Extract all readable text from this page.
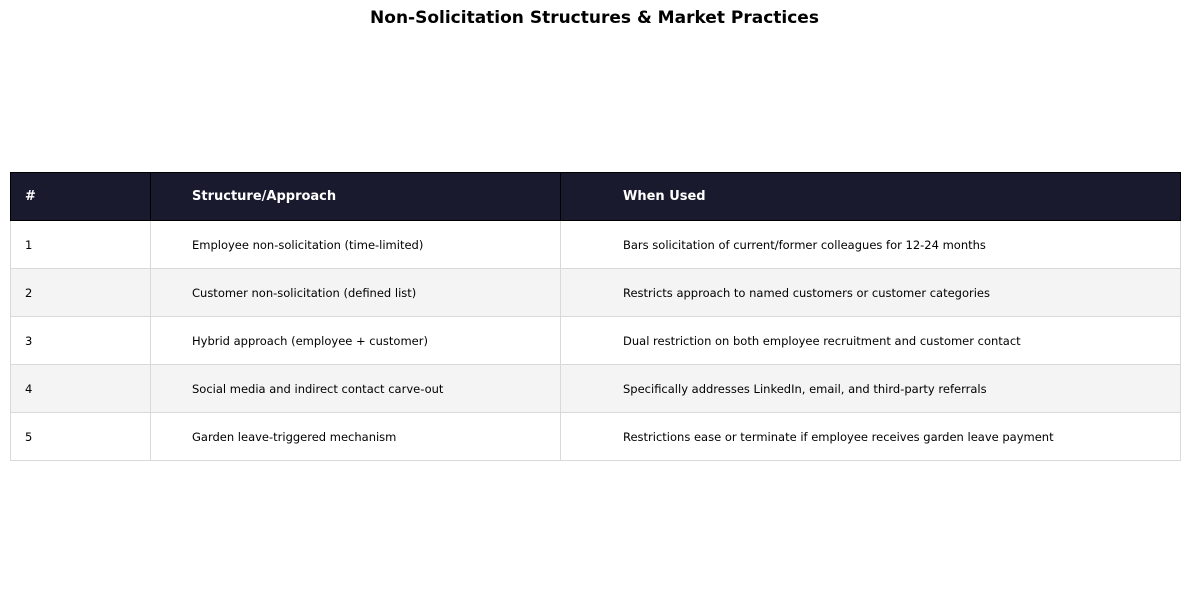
Non-Solicitation Structures & Market Practices
#	Structure/Approach	When Used
1	Employee non-solicitation (time-limited)	Bars solicitation of current/former colleagues for 12-24 months
2	Customer non-solicitation (defined list)	Restricts approach to named customers or customer categories
3	Hybrid approach (employee + customer)	Dual restriction on both employee recruitment and customer contact
4	Social media and indirect contact carve-out	Specifically addresses LinkedIn, email, and third-party referrals
5	Garden leave-triggered mechanism	Restrictions ease or terminate if employee receives garden leave payment
